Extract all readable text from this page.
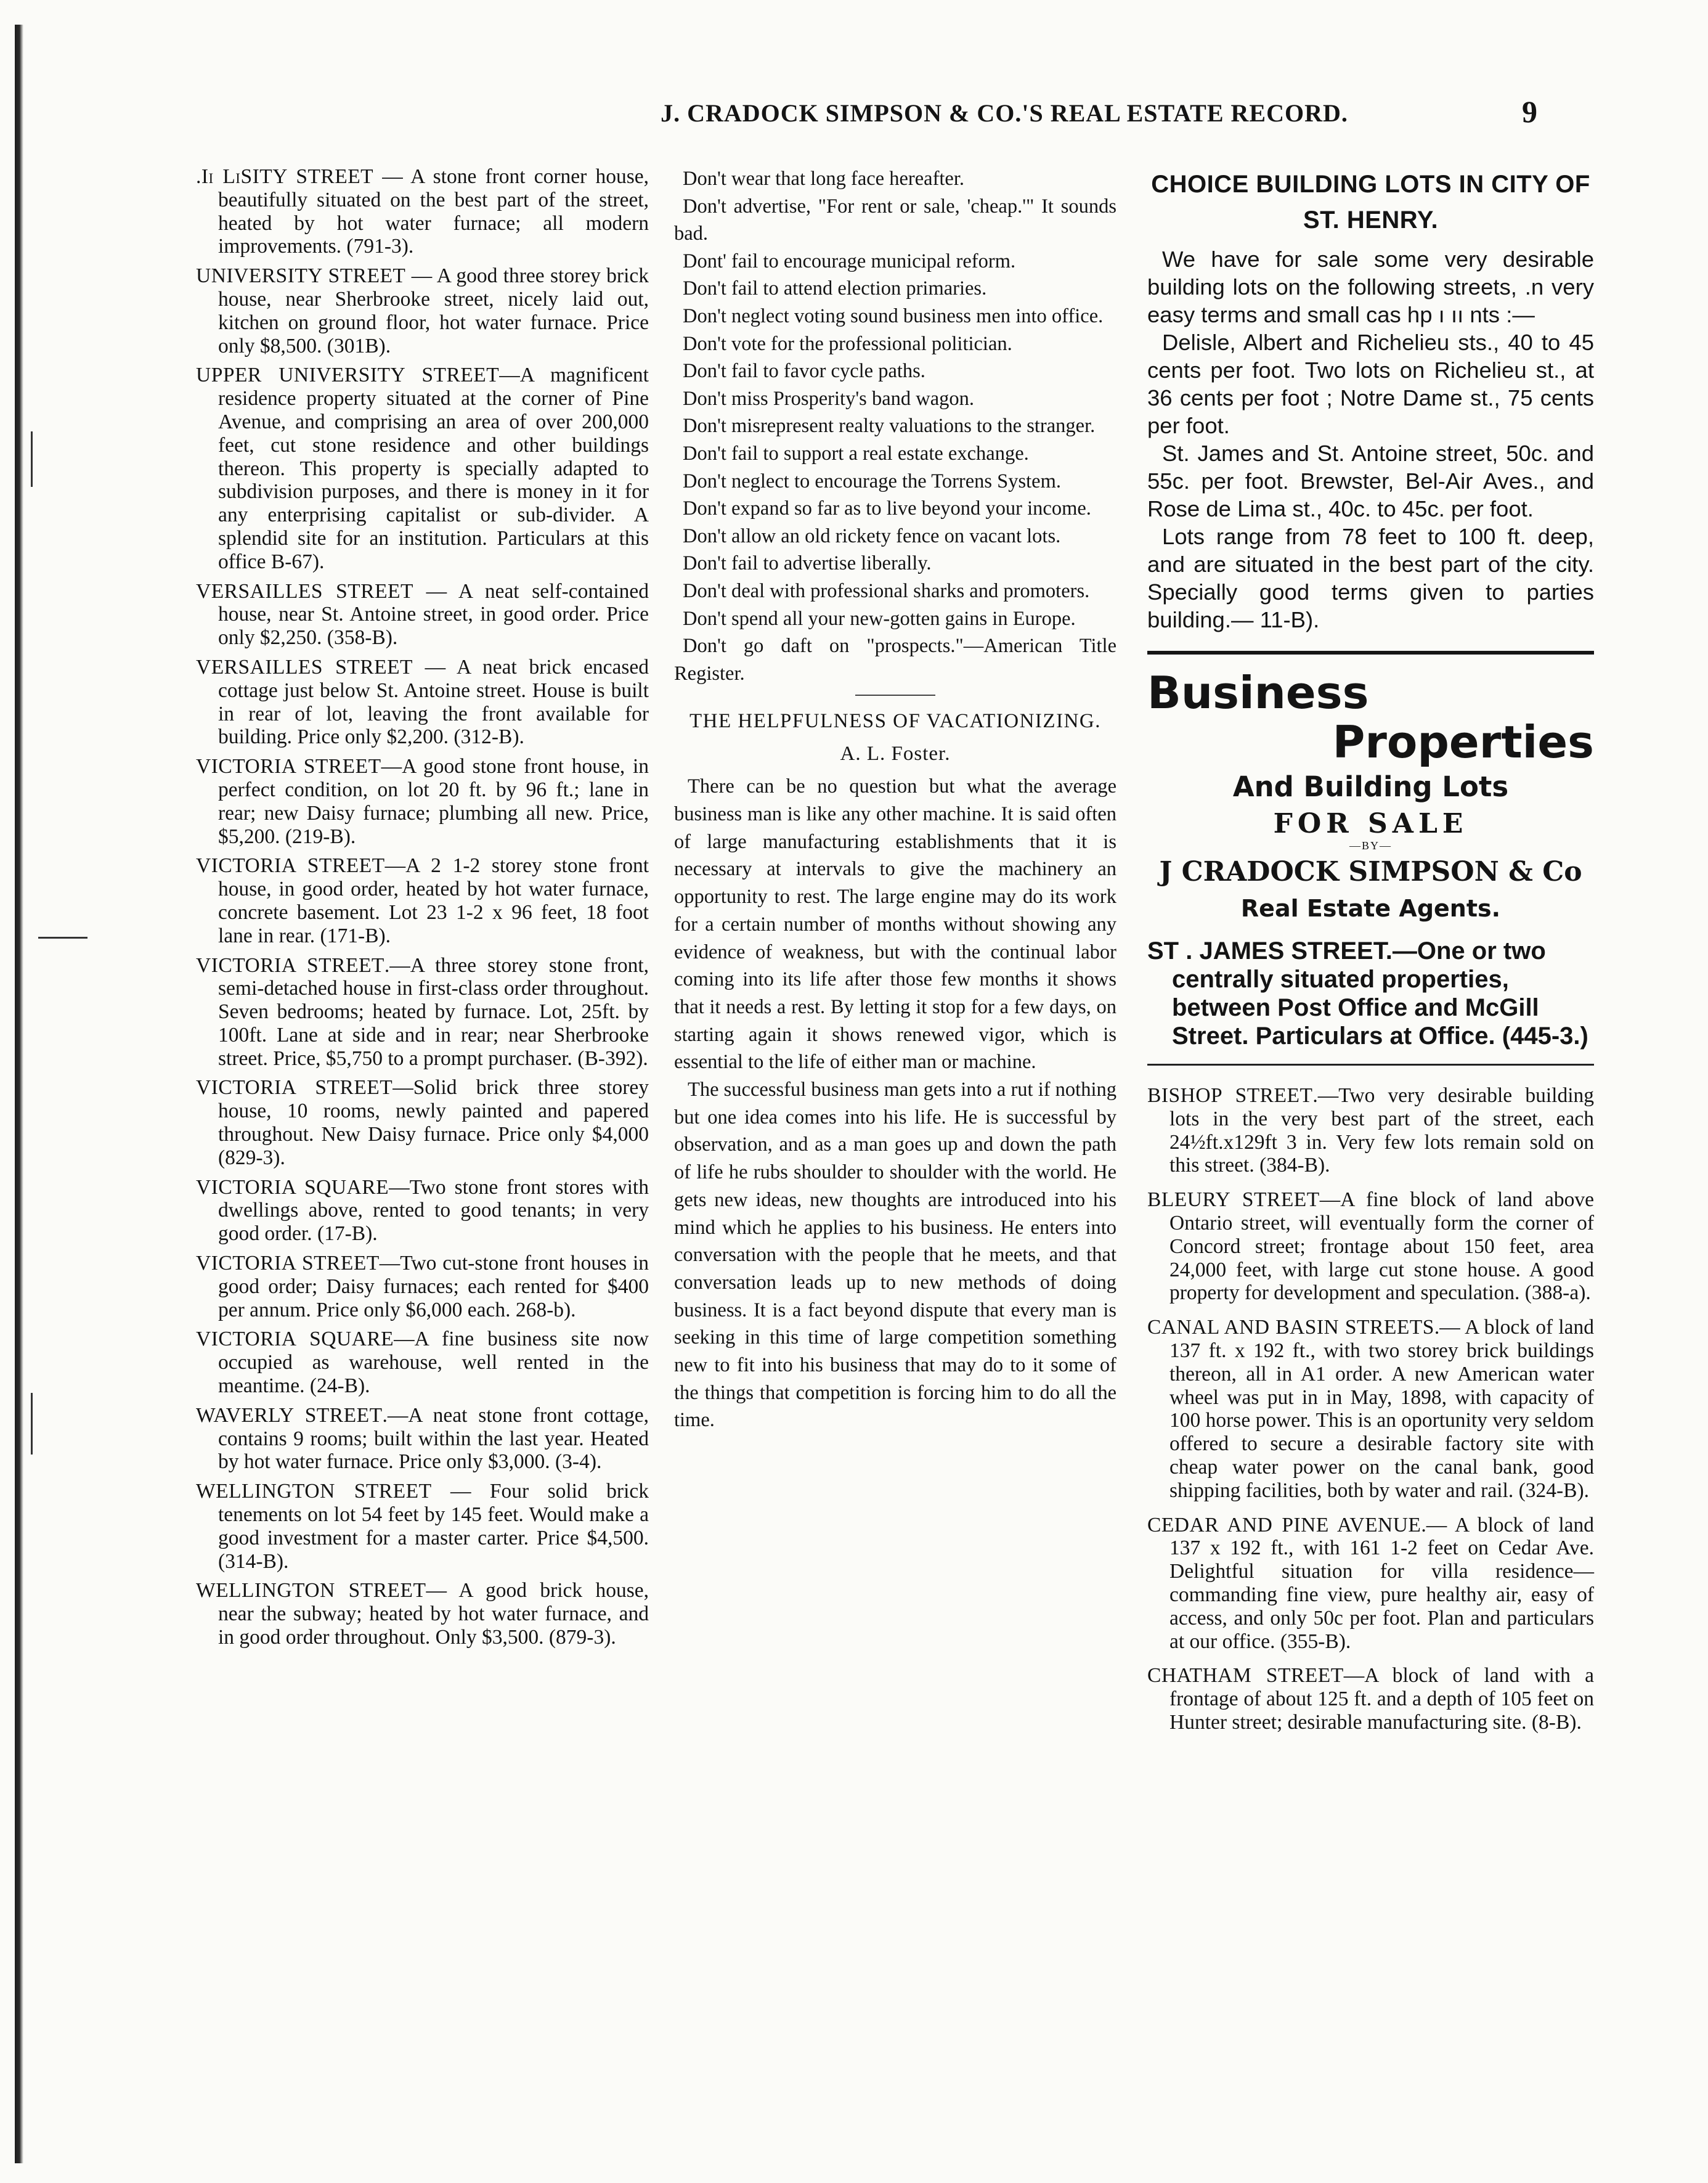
J. CRADOCK SIMPSON & CO.'S REAL ESTATE RECORD.	9

.Iı LıSITY STREET — A stone front corner house, beautifully situated on the best part of the street, heated by hot water furnace; all modern improvements. (791-3).

UNIVERSITY STREET — A good three storey brick house, near Sherbrooke street, nicely laid out, kitchen on ground floor, hot water furnace. Price only $8,500. (301B).

UPPER UNIVERSITY STREET—A magnificent residence property situated at the corner of Pine Avenue, and comprising an area of over 200,000 feet, cut stone residence and other buildings thereon. This property is specially adapted to subdivision purposes, and there is money in it for any enterprising capitalist or sub-divider. A splendid site for an institution. Particulars at this office B-67).

VERSAILLES STREET — A neat self-contained house, near St. Antoine street, in good order. Price only $2,250. (358-B).

VERSAILLES STREET — A neat brick encased cottage just below St. Antoine street. House is built in rear of lot, leaving the front available for building. Price only $2,200. (312-B).

VICTORIA STREET—A good stone front house, in perfect condition, on lot 20 ft. by 96 ft.; lane in rear; new Daisy furnace; plumbing all new. Price, $5,200. (219-B).

VICTORIA STREET—A 2 1-2 storey stone front house, in good order, heated by hot water furnace, concrete basement. Lot 23 1-2 x 96 feet, 18 foot lane in rear. (171-B).

VICTORIA STREET.—A three storey stone front, semi-detached house in first-class order throughout. Seven bedrooms; heated by furnace. Lot, 25ft. by 100ft. Lane at side and in rear; near Sherbrooke street. Price, $5,750 to a prompt purchaser. (B-392).

VICTORIA STREET—Solid brick three storey house, 10 rooms, newly painted and papered throughout. New Daisy furnace. Price only $4,000 (829-3).

VICTORIA SQUARE—Two stone front stores with dwellings above, rented to good tenants; in very good order. (17-B).

VICTORIA STREET—Two cut-stone front houses in good order; Daisy furnaces; each rented for $400 per annum. Price only $6,000 each. 268-b).

VICTORIA SQUARE—A fine business site now occupied as warehouse, well rented in the meantime. (24-B).

WAVERLY STREET.—A neat stone front cottage, contains 9 rooms; built within the last year. Heated by hot water furnace. Price only $3,000. (3-4).

WELLINGTON STREET — Four solid brick tenements on lot 54 feet by 145 feet. Would make a good investment for a master carter. Price $4,500. (314-B).

WELLINGTON STREET— A good brick house, near the subway; heated by hot water furnace, and in good order throughout. Only $3,500. (879-3).

Don't wear that long face hereafter.

Don't advertise, "For rent or sale, 'cheap.'" It sounds bad.

Dont' fail to encourage municipal reform.

Don't fail to attend election primaries.

Don't neglect voting sound business men into office.

Don't vote for the professional politician.

Don't fail to favor cycle paths.

Don't miss Prosperity's band wagon.

Don't misrepresent realty valuations to the stranger.

Don't fail to support a real estate exchange.

Don't neglect to encourage the Torrens System.

Don't expand so far as to live beyond your income.

Don't allow an old rickety fence on vacant lots.

Don't fail to advertise liberally.

Don't deal with professional sharks and promoters.

Don't spend all your new-gotten gains in Europe.

Don't go daft on "prospects."—American Title Register.

THE HELPFULNESS OF VACATIONIZING.
A. L. Foster.

There can be no question but what the average business man is like any other machine. It is said often of large manufacturing establishments that it is necessary at intervals to give the machinery an opportunity to rest. The large engine may do its work for a certain number of months without showing any evidence of weakness, but with the continual labor coming into its life after those few months it shows that it needs a rest. By letting it stop for a few days, on starting again it shows renewed vigor, which is essential to the life of either man or machine.

The successful business man gets into a rut if nothing but one idea comes into his life. He is successful by observation, and as a man goes up and down the path of life he rubs shoulder to shoulder with the world. He gets new ideas, new thoughts are introduced into his mind which he applies to his business. He enters into conversation with the people that he meets, and that conversation leads up to new methods of doing business. It is a fact beyond dispute that every man is seeking in this time of large competition something new to fit into his business that may do to it some of the things that competition is forcing him to do all the time.

CHOICE BUILDING LOTS IN CITY OF ST. HENRY.

We have for sale some very desirable building lots on the following streets, .n very easy terms and small cas hp ı ıı nts :—

Delisle, Albert and Richelieu sts., 40 to 45 cents per foot. Two lots on Richelieu st., at 36 cents per foot ; Notre Dame st., 75 cents per foot.

St. James and St. Antoine street, 50c. and 55c. per foot. Brewster, Bel-Air Aves., and Rose de Lima st., 40c. to 45c. per foot.

Lots range from 78 feet to 100 ft. deep, and are situated in the best part of the city. Specially good terms given to parties building.— 11-B).

Business
Properties
And Building Lots
FOR SALE
—BY—
J CRADOCK SIMPSON & Co
Real Estate Agents.
ST . JAMES STREET.—One or two centrally situated properties, between Post Office and McGill Street. Particulars at Office. (445-3.)

BISHOP STREET.—Two very desirable building lots in the very best part of the street, each 24½ft.x129ft 3 in. Very few lots remain sold on this street. (384-B).

BLEURY STREET—A fine block of land above Ontario street, will eventually form the corner of Concord street; frontage about 150 feet, area 24,000 feet, with large cut stone house. A good property for development and speculation. (388-a).

CANAL AND BASIN STREETS.— A block of land 137 ft. x 192 ft., with two storey brick buildings thereon, all in A1 order. A new American water wheel was put in in May, 1898, with capacity of 100 horse power. This is an oportunity very seldom offered to secure a desirable factory site with cheap water power on the canal bank, good shipping facilities, both by water and rail. (324-B).

CEDAR AND PINE AVENUE.— A block of land 137 x 192 ft., with 161 1-2 feet on Cedar Ave. Delightful situation for villa residence—commanding fine view, pure healthy air, easy of access, and only 50c per foot. Plan and particulars at our office. (355-B).

CHATHAM STREET—A block of land with a frontage of about 125 ft. and a depth of 105 feet on Hunter street; desirable manufacturing site. (8-B).
